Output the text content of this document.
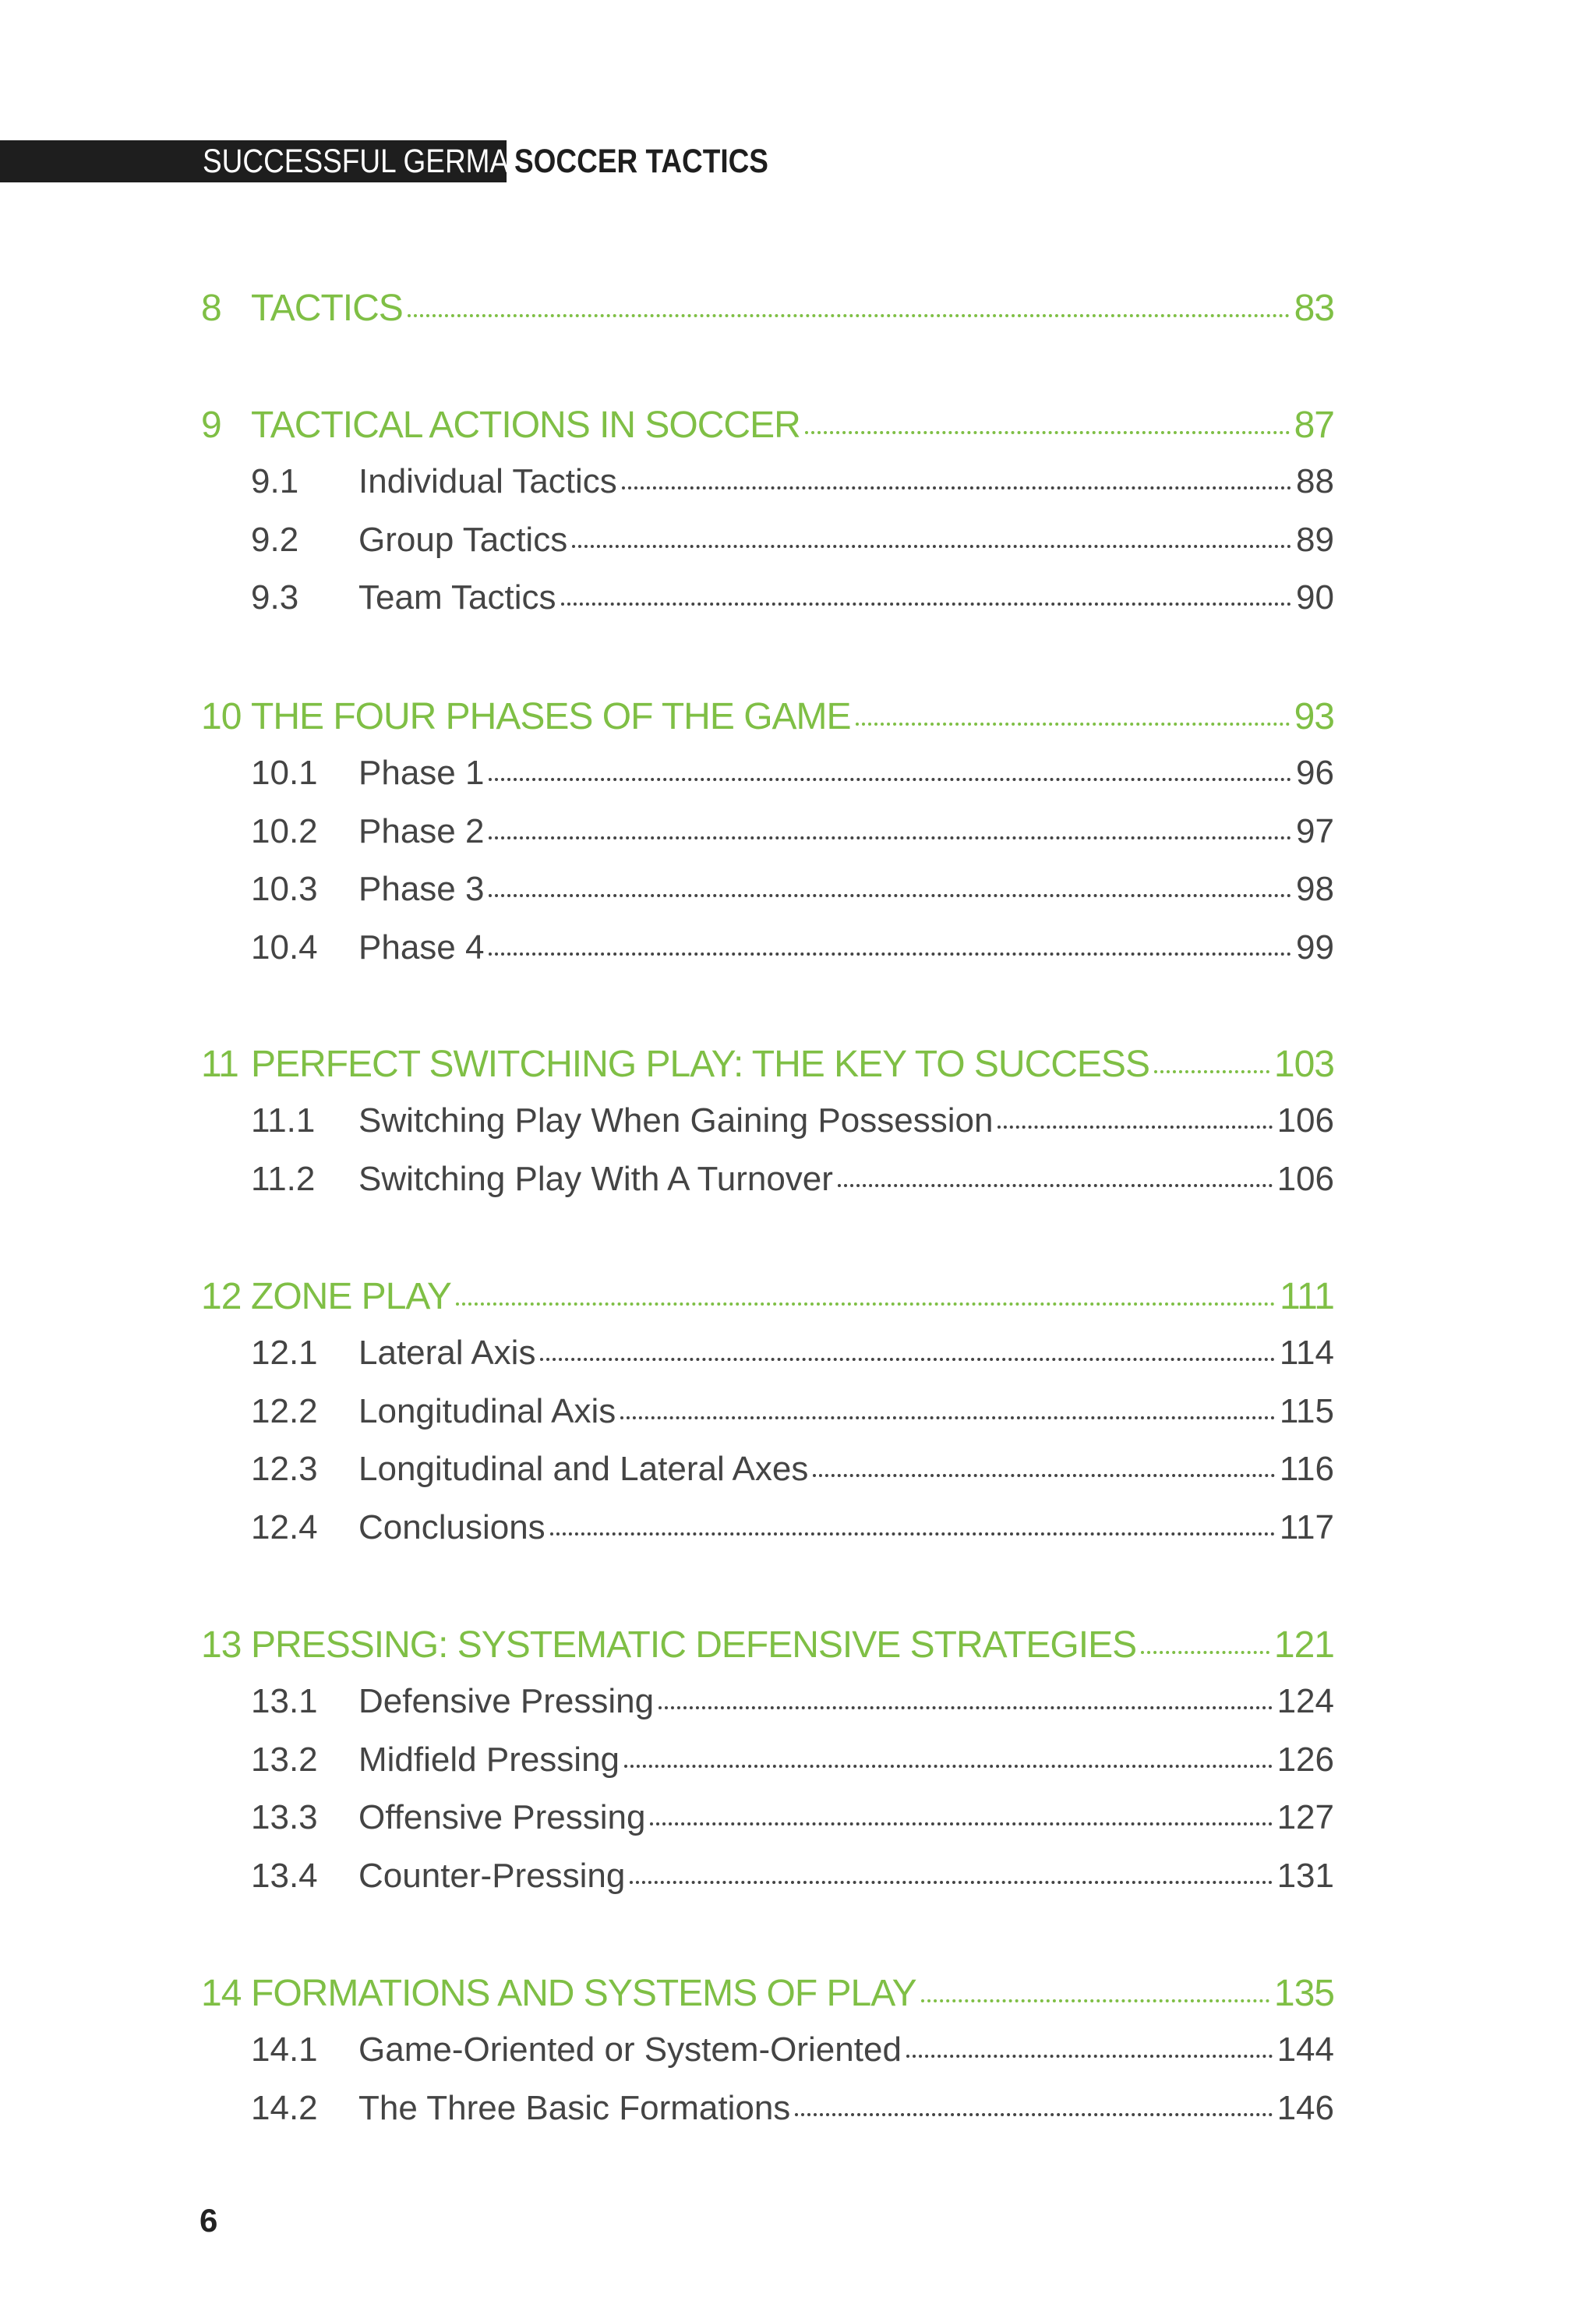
SUCCESSFUL GERMAN
SOCCER TACTICS
8 TACTICS	83
9 TACTICAL ACTIONS IN SOCCER	87
9.1	Individual Tactics	88
9.2	Group Tactics	89
9.3	Team Tactics	90
10 THE FOUR PHASES OF THE GAME	93
10.1	Phase 1	96
10.2	Phase 2	97
10.3	Phase 3	98
10.4	Phase 4	99
11 PERFECT SWITCHING PLAY: THE KEY TO SUCCESS	103
11.1	Switching Play When Gaining Possession	106
11.2	Switching Play With A Turnover	106
12 ZONE PLAY	111
12.1	Lateral Axis	114
12.2	Longitudinal Axis	115
12.3	Longitudinal and Lateral Axes	116
12.4	Conclusions	117
13 PRESSING: SYSTEMATIC DEFENSIVE STRATEGIES	121
13.1	Defensive Pressing	124
13.2	Midfield Pressing	126
13.3	Offensive Pressing	127
13.4	Counter-Pressing	131
14 FORMATIONS AND SYSTEMS OF PLAY	135
14.1	Game-Oriented or System-Oriented	144
14.2	The Three Basic Formations	146
6
